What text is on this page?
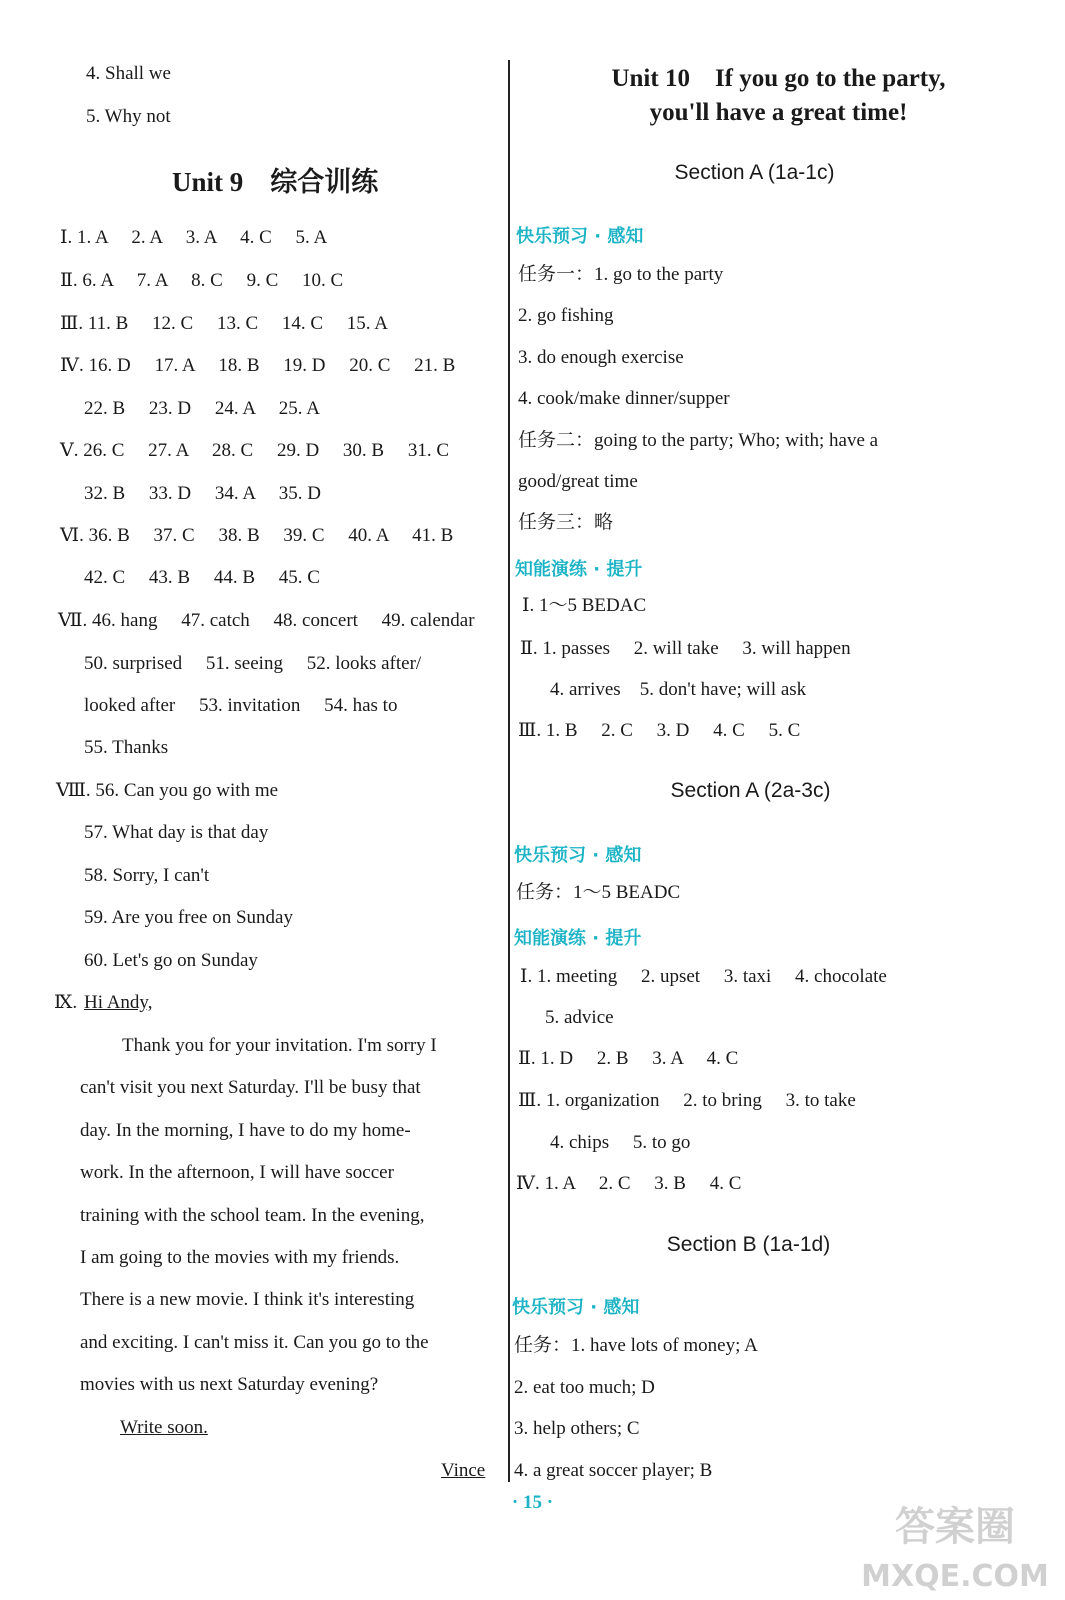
4. Shall we
5. Why not
Unit 9　综合训练
Ⅰ. 1. A　 2. A　 3. A　 4. C　 5. A
Ⅱ. 6. A　 7. A　 8. C　 9. C　 10. C
Ⅲ. 11. B　 12. C　 13. C　 14. C　 15. A
Ⅳ. 16. D　 17. A　 18. B　 19. D　 20. C　 21. B
22. B　 23. D　 24. A　 25. A
Ⅴ. 26. C　 27. A　 28. C　 29. D　 30. B　 31. C
32. B　 33. D　 34. A　 35. D
Ⅵ. 36. B　 37. C　 38. B　 39. C　 40. A　 41. B
42. C　 43. B　 44. B　 45. C
Ⅶ. 46. hang　 47. catch　 48. concert　 49. calendar
50. surprised　 51. seeing　 52. looks after/
looked after　 53. invitation　 54. has to
55. Thanks
Ⅷ. 56. Can you go with me
57. What day is that day
58. Sorry, I can't
59. Are you free on Sunday
60. Let's go on Sunday
Ⅸ. Hi Andy,
Thank you for your invitation. I'm sorry I
can't visit you next Saturday. I'll be busy that
day. In the morning, I have to do my home-
work. In the afternoon, I will have soccer
training with the school team. In the evening,
I am going to the movies with my friends.
There is a new movie. I think it's interesting
and exciting. I can't miss it. Can you go to the
movies with us next Saturday evening?
Write soon.
Vince
Unit 10　If you go to the party,
you'll have a great time!
Section A (1a-1c)
快乐预习 · 感知
任务一：1. go to the party
2. go fishing
3. do enough exercise
4. cook/make dinner/supper
任务二：going to the party; Who; with; have a
good/great time
任务三：略
知能演练 · 提升
Ⅰ. 1～5 BEDAC
Ⅱ. 1. passes　 2. will take　 3. will happen
4. arrives　5. don't have; will ask
Ⅲ. 1. B　 2. C　 3. D　 4. C　 5. C
Section A (2a-3c)
快乐预习 · 感知
任务：1～5 BEADC
知能演练 · 提升
Ⅰ. 1. meeting　 2. upset　 3. taxi　 4. chocolate
5. advice
Ⅱ. 1. D　 2. B　 3. A　 4. C
Ⅲ. 1. organization　 2. to bring　 3. to take
4. chips　 5. to go
Ⅳ. 1. A　 2. C　 3. B　 4. C
Section B (1a-1d)
快乐预习 · 感知
任务：1. have lots of money; A
2. eat too much; D
3. help others; C
4. a great soccer player; B
· 15 ·
答案圈
MXQE.COM
